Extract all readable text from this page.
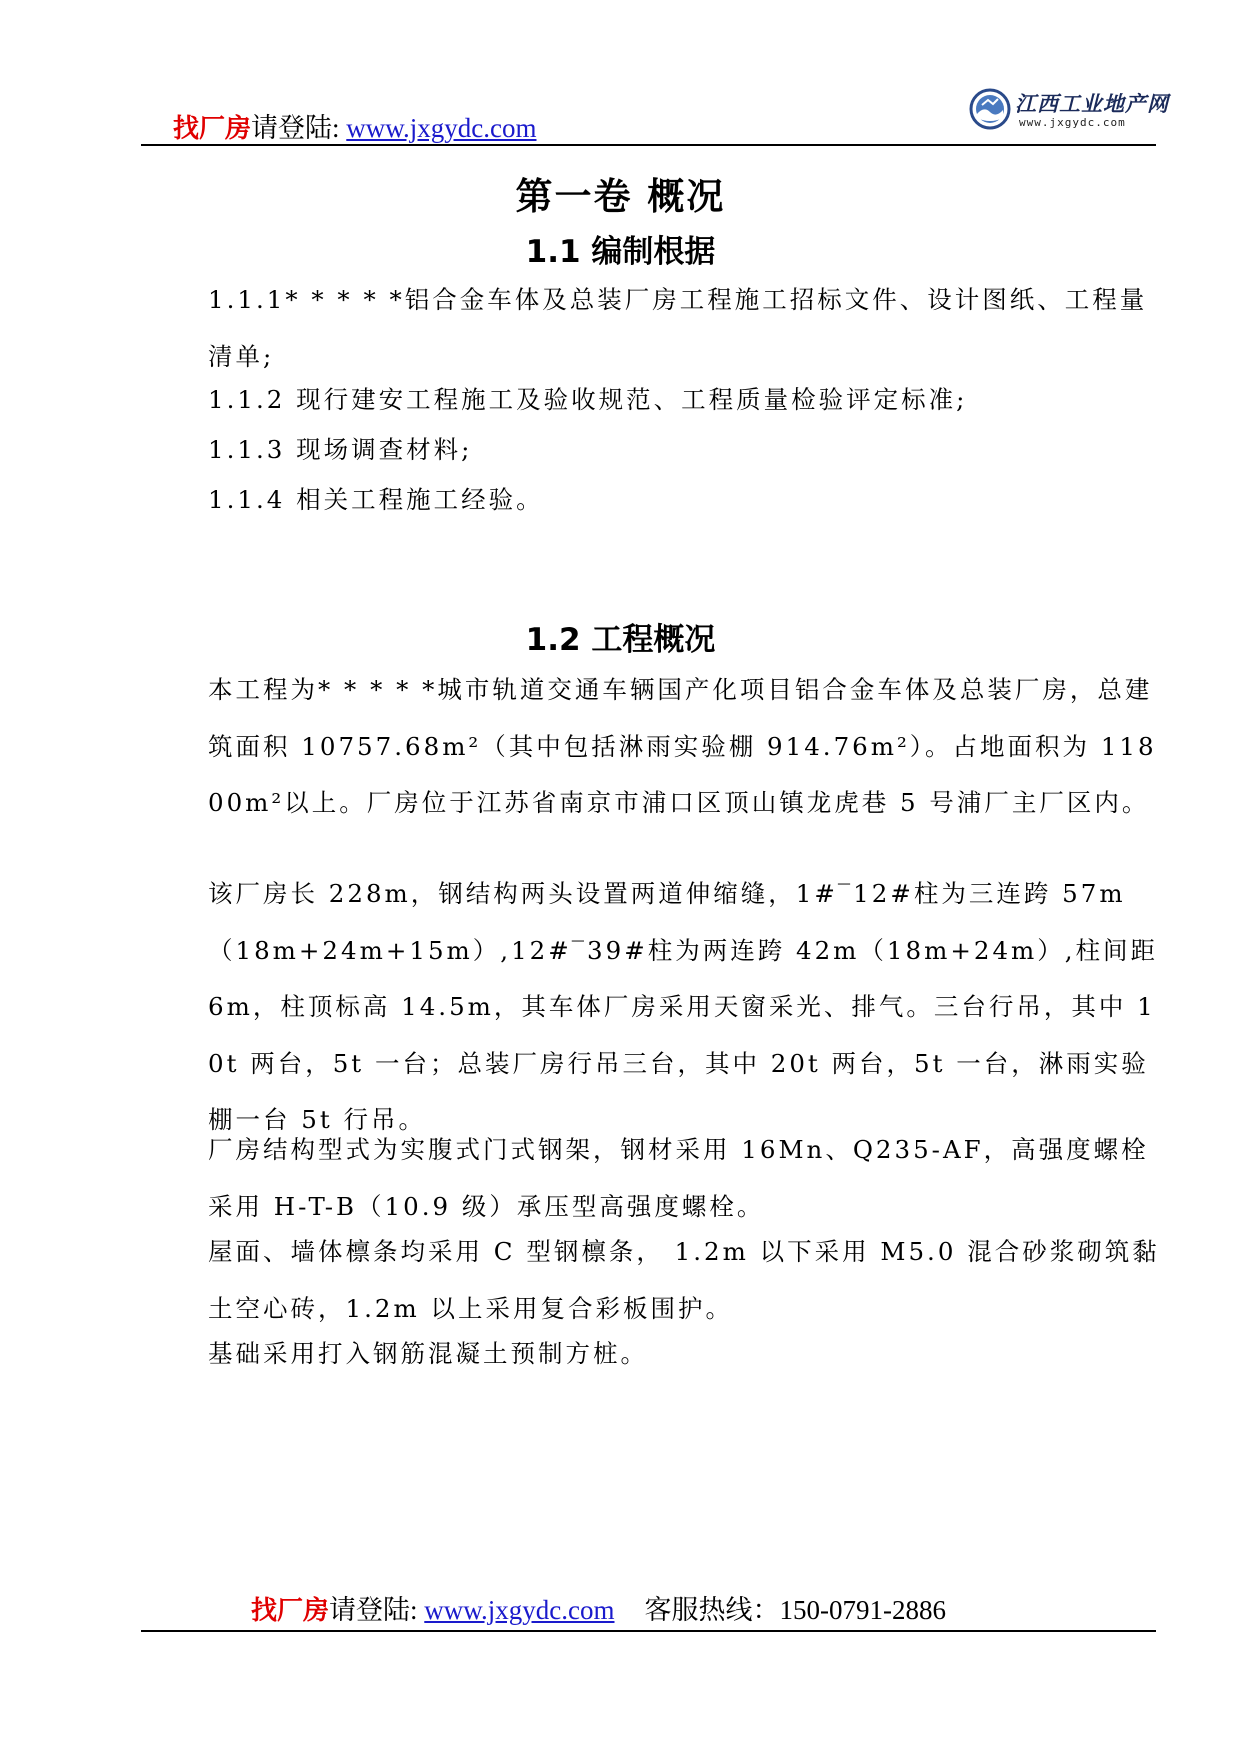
找厂房请登陆: www.jxgydc.com
江西工业地产网
www.jxgydc.com
第一卷 概况
1.1 编制根据
1.1.1* * * * *铝合金车体及总装厂房工程施工招标文件、设计图纸、工程量清单;
1.1.2 现行建安工程施工及验收规范、工程质量检验评定标准;
1.1.3 现场调查材料;
1.1.4 相关工程施工经验。
1.2 工程概况
本工程为* * * * *城市轨道交通车辆国产化项目铝合金车体及总装厂房，总建筑面积 10757.68m²（其中包括淋雨实验棚 914.76m²）。占地面积为 11800m²以上。厂房位于江苏省南京市浦口区顶山镇龙虎巷 5 号浦厂主厂区内。
该厂房长 228m，钢结构两头设置两道伸缩缝，1#‾12#柱为三连跨 57m（18m+24m+15m）,12#‾39#柱为两连跨 42m（18m+24m）,柱间距 6m，柱顶标高 14.5m，其车体厂房采用天窗采光、排气。三台行吊，其中 10t 两台，5t 一台；总装厂房行吊三台，其中 20t 两台，5t 一台，淋雨实验棚一台 5t 行吊。
厂房结构型式为实腹式门式钢架，钢材采用 16Mn、Q235-AF，高强度螺栓采用 H-T-B（10.9 级）承压型高强度螺栓。
屋面、墙体檩条均采用 C 型钢檩条， 1.2m 以下采用 M5.0 混合砂浆砌筑黏土空心砖，1.2m 以上采用复合彩板围护。
基础采用打入钢筋混凝土预制方桩。
找厂房请登陆: www.jxgydc.com 客服热线：150-0791-2886
